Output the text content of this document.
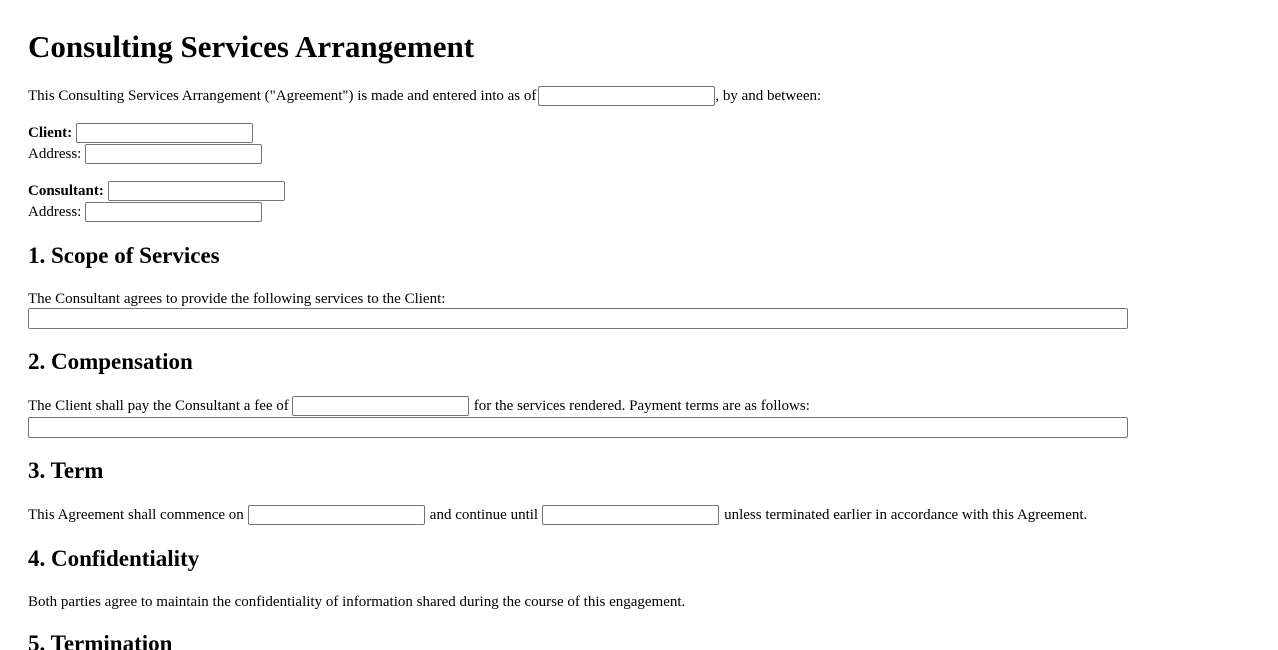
Consulting Services Arrangement
This Consulting Services Arrangement ("Agreement") is made and entered into as of	, by and between:
Client:
Address:
Consultant:
Address:
1. Scope of Services
The Consultant agrees to provide the following services to the Client:
2. Compensation
The Client shall pay the Consultant a fee of	for the services rendered. Payment terms are as follows:
3. Term
This Agreement shall commence on	and continue until	unless terminated earlier in accordance with this Agreement.
4. Confidentiality
Both parties agree to maintain the confidentiality of information shared during the course of this engagement.
5. Termination
